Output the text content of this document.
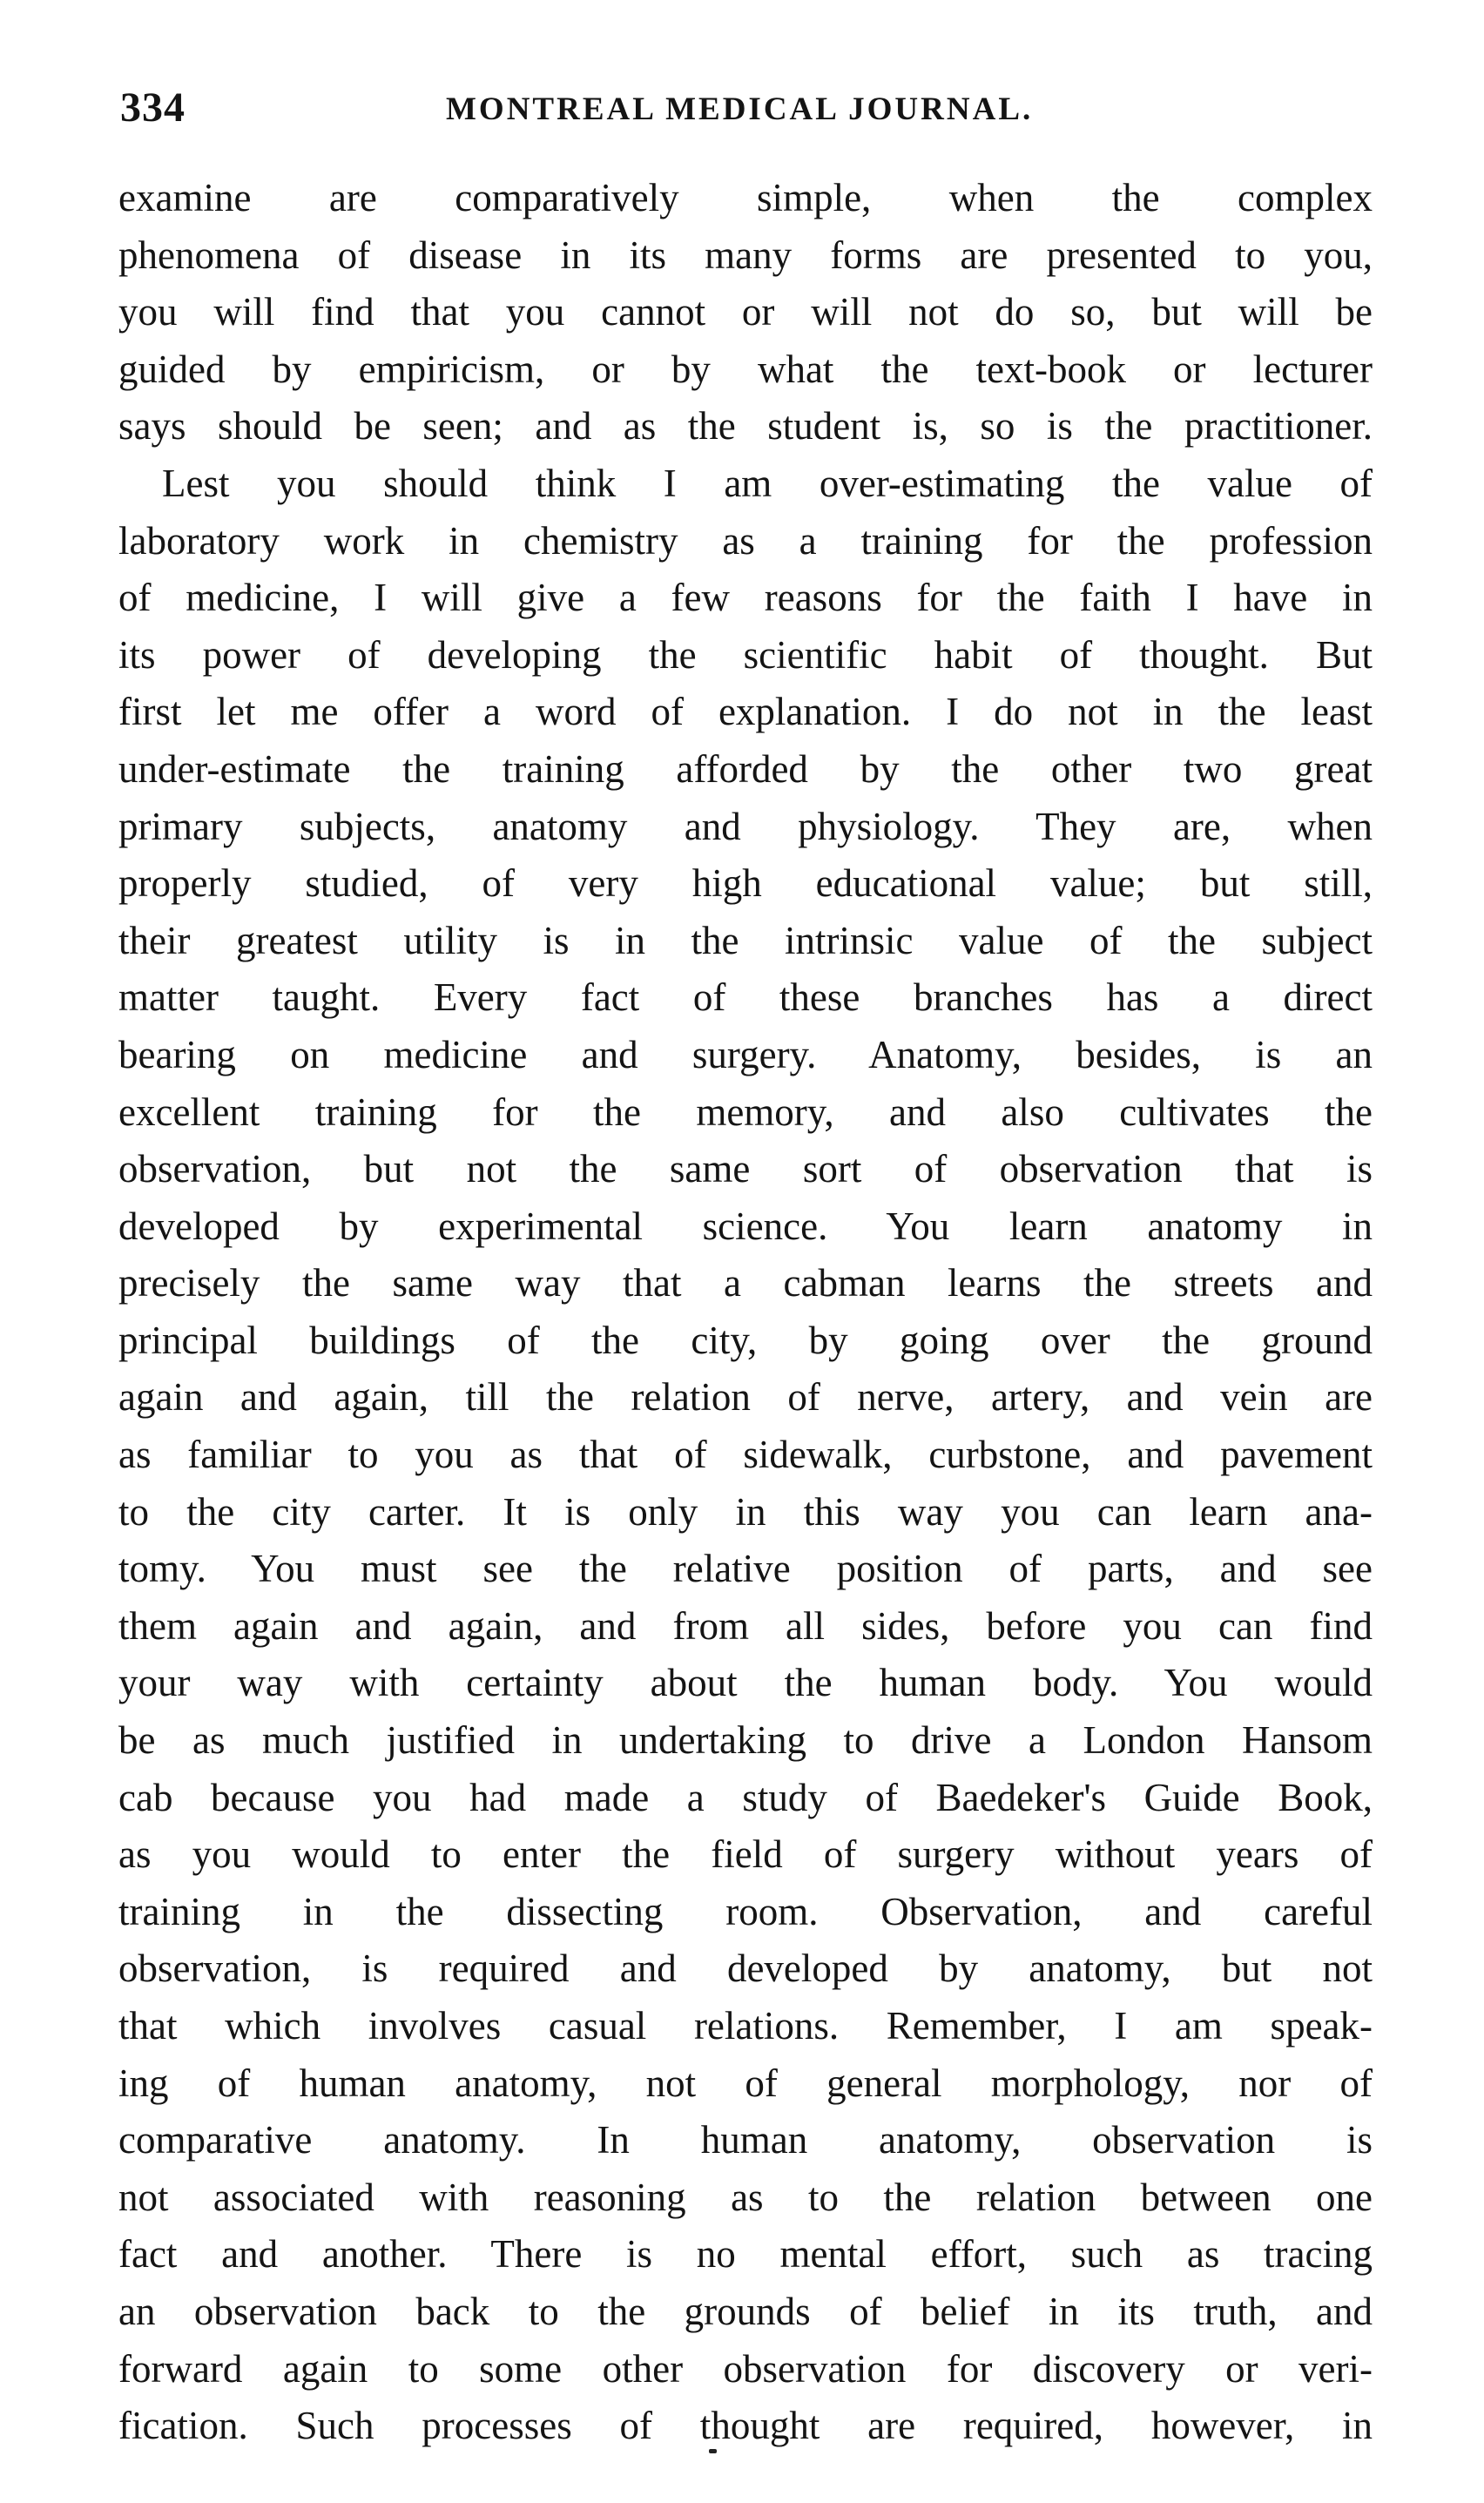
334	MONTREAL MEDICAL JOURNAL.
examine are comparatively simple, when the complex
phenomena of disease in its many forms are presented to you,
you will find that you cannot or will not do so, but will be
guided by empiricism, or by what the text-book or lecturer
says should be seen; and as the student is, so is the practitioner.
Lest you should think I am over-estimating the value of
laboratory work in chemistry as a training for the profession
of medicine, I will give a few reasons for the faith I have in
its power of developing the scientific habit of thought. But
first let me offer a word of explanation. I do not in the least
under-estimate the training afforded by the other two great
primary subjects, anatomy and physiology. They are, when
properly studied, of very high educational value; but still,
their greatest utility is in the intrinsic value of the subject
matter taught. Every fact of these branches has a direct
bearing on medicine and surgery. Anatomy, besides, is an
excellent training for the memory, and also cultivates the
observation, but not the same sort of observation that is
developed by experimental science. You learn anatomy in
precisely the same way that a cabman learns the streets and
principal buildings of the city, by going over the ground
again and again, till the relation of nerve, artery, and vein are
as familiar to you as that of sidewalk, curbstone, and pavement
to the city carter. It is only in this way you can learn ana-
tomy. You must see the relative position of parts, and see
them again and again, and from all sides, before you can find
your way with certainty about the human body. You would
be as much justified in undertaking to drive a London Hansom
cab because you had made a study of Baedeker's Guide Book,
as you would to enter the field of surgery without years of
training in the dissecting room. Observation, and careful
observation, is required and developed by anatomy, but not
that which involves casual relations. Remember, I am speak-
ing of human anatomy, not of general morphology, nor of
comparative anatomy. In human anatomy, observation is
not associated with reasoning as to the relation between one
fact and another. There is no mental effort, such as tracing
an observation back to the grounds of belief in its truth, and
forward again to some other observation for discovery or veri-
fication. Such processes of thought are required, however, in
